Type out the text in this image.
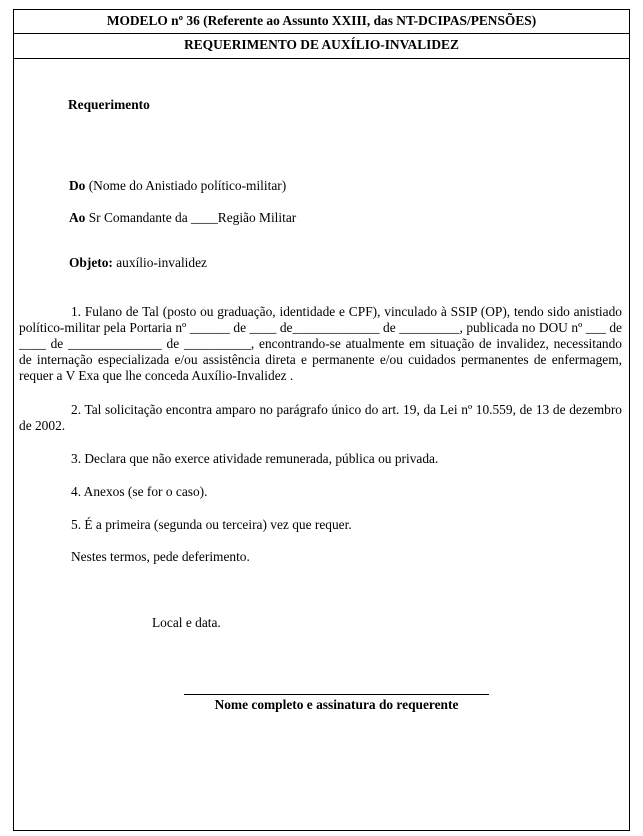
MODELO nº 36 (Referente ao Assunto XXIII, das NT-DCIPAS/PENSÕES)
REQUERIMENTO DE AUXÍLIO-INVALIDEZ
Requerimento
Do (Nome do Anistiado político-militar)
Ao Sr Comandante da ____Região Militar
Objeto: auxílio-invalidez

1. Fulano de Tal (posto ou graduação, identidade e CPF), vinculado à SSIP (OP), tendo sido anistiado político-militar pela Portaria nº ______ de ____ de_____________ de _________, publicada no DOU nº ___ de ____ de ______________ de __________, encontrando-se atualmente em situação de invalidez, necessitando de internação especializada e/ou assistência direta e permanente e/ou cuidados permanentes de enfermagem, requer a V Exa que lhe conceda Auxílio-Invalidez .

2. Tal solicitação encontra amparo no parágrafo único do art. 19, da Lei nº 10.559, de 13 de dezembro de 2002.

3. Declara que não exerce atividade remunerada, pública ou privada.
4. Anexos (se for o caso).
5. É a primeira (segunda ou terceira) vez que requer.
Nestes termos, pede deferimento.
Local e data.
Nome completo e assinatura do requerente
